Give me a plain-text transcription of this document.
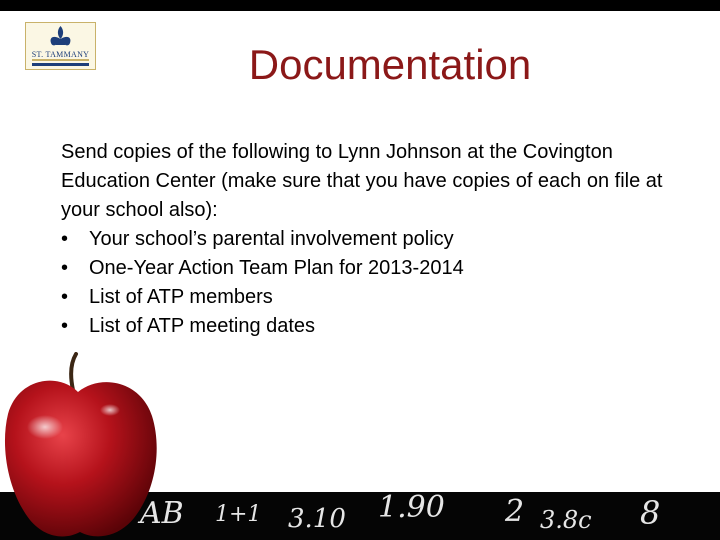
ST. TAMMANY	Documentation
Send copies of the following to Lynn Johnson at the Covington Education Center (make sure that you have copies of each on file at your school also):
•	Your school’s parental involvement policy
•	One-Year Action Team Plan for 2013-2014
•	List of ATP members
•	List of ATP meeting dates
AB 1+1 3.10 1.90 2 3.8c 8
